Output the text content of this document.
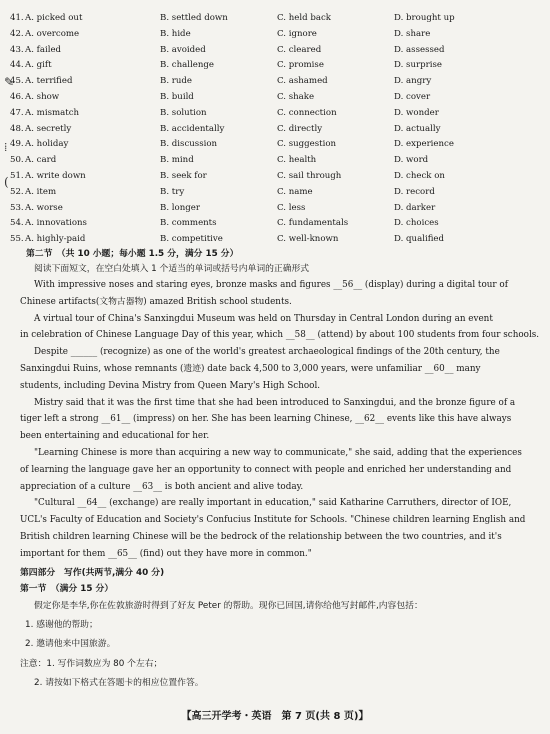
41. A. picked out	B. settled down	C. held back	D. brought up
42. A. overcome	B. hide	C. ignore	D. share
43. A. failed	B. avoided	C. cleared	D. assessed
44. A. gift	B. challenge	C. promise	D. surprise
45. A. terrified	B. rude	C. ashamed	D. angry
46. A. show	B. build	C. shake	D. cover
47. A. mismatch	B. solution	C. connection	D. wonder
48. A. secretly	B. accidentally	C. directly	D. actually
49. A. holiday	B. discussion	C. suggestion	D. experience
50. A. card	B. mind	C. health	D. word
51. A. write down	B. seek for	C. sail through	D. check on
52. A. item	B. try	C. name	D. record
53. A. worse	B. longer	C. less	D. darker
54. A. innovations	B. comments	C. fundamentals	D. choices
55. A. highly-paid	B. competitive	C. well-known	D. qualified
第二节　（共 10 小题；每小题 1.5 分，满分 15 分）
阅读下面短文，在空白处填入 1 个适当的单词或括号内单词的正确形式
With impressive noses and staring eyes, bronze masks and figures __56__ (display) during a digital tour of
Chinese artifacts(文物古器物) amazed British school students.
A virtual tour of China's Sanxingdui Museum was held on Thursday in Central London during an event
in celebration of Chinese Language Day of this year, which __58__ (attend) by about 100 students from four schools.
Despite ______ (recognize) as one of the world's greatest archaeological findings of the 20th century, the
Sanxingdui Ruins, whose remnants (遗迹) date back 4,500 to 3,000 years, were unfamiliar __60__ many
students, including Devina Mistry from Queen Mary's High School.
Mistry said that it was the first time that she had been introduced to Sanxingdui, and the bronze figure of a
tiger left a strong __61__ (impress) on her. She has been learning Chinese, __62__ events like this have always
been entertaining and educational for her.
"Learning Chinese is more than acquiring a new way to communicate," she said, adding that the experiences
of learning the language gave her an opportunity to connect with people and enriched her understanding and
appreciation of a culture __63__ is both ancient and alive today.
"Cultural __64__ (exchange) are really important in education," said Katharine Carruthers, director of IOE,
UCL's Faculty of Education and Society's Confucius Institute for Schools. "Chinese children learning English and
British children learning Chinese will be the bedrock of the relationship between the two countries, and it's
important for them __65__ (find) out they have more in common."
第四部分　写作(共两节,满分 40 分)
第一节　（满分 15 分）
假定你是李华,你在佐敦旅游时得到了好友 Peter 的帮助。现你已回国,请你给他写封邮件,内容包括：
1. 感谢他的帮助；
2. 邀请他来中国旅游。
注意：1. 写作词数应为 80 个左右；
2. 请按如下格式在答题卡的相应位置作答。
【高三开学考・英语　第 7 页(共 8 页)】
✎
⁞
(
